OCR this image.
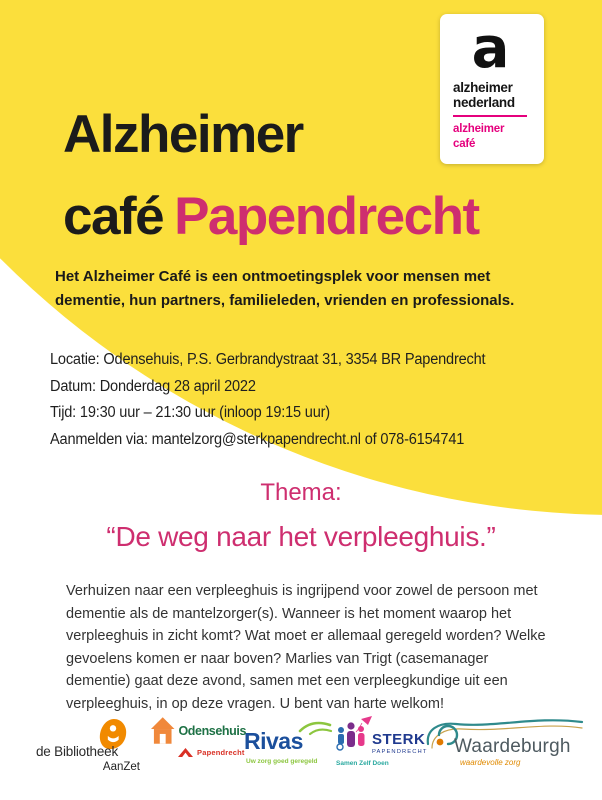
a
alzheimer
nederland
alzheimer
café
Alzheimer
café Papendrecht
Het Alzheimer Café is een ontmoetingsplek voor mensen met dementie, hun partners, familieleden, vrienden en professionals.
Locatie: Odensehuis, P.S. Gerbrandystraat 31, 3354 BR Papendrecht
Datum: Donderdag 28 april 2022
Tijd: 19:30 uur – 21:30 uur (inloop 19:15 uur)
Aanmelden via: mantelzorg@sterkpapendrecht.nl of 078-6154741
Thema:
“De weg naar het verpleeghuis.”
Verhuizen naar een verpleeghuis is ingrijpend voor zowel de persoon met dementie als de mantelzorger(s). Wanneer is het moment waarop het verpleeghuis in zicht komt? Wat moet er allemaal geregeld worden? Welke gevoelens komen er naar boven? Marlies van Trigt (casemanager dementie) gaat deze avond, samen met een verpleegkundige uit een verpleeghuis, in op deze vragen. U bent van harte welkom!
de Bibliotheek
AanZet
Odensehuis
Papendrecht Rivas
Uw zorg goed geregeld
STERK
PAPENDRECHT
Samen Zelf Doen
Waardeburgh
waardevolle zorg
